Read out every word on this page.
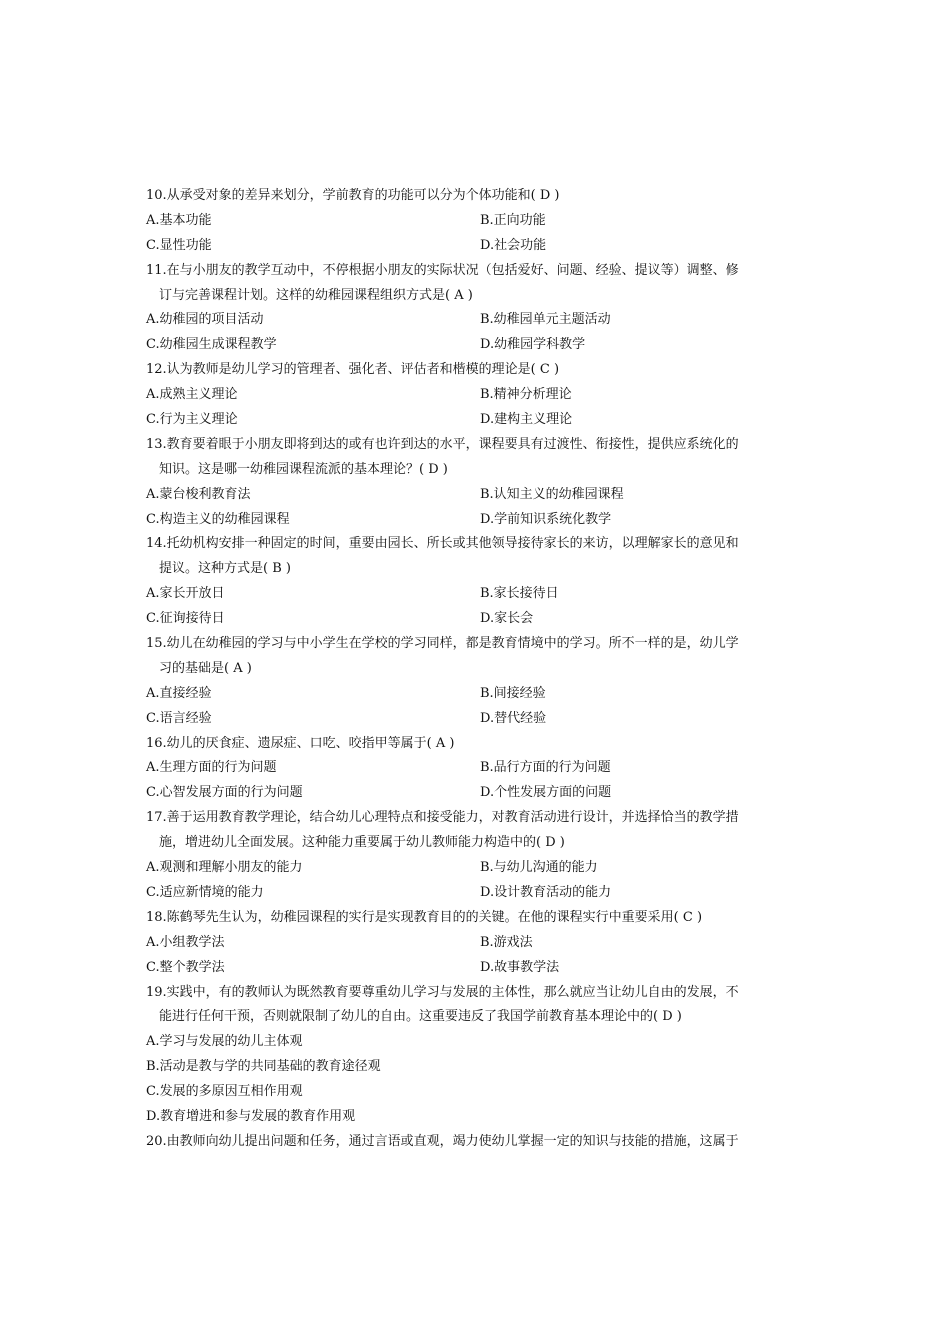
10.从承受对象的差异来划分，学前教育的功能可以分为个体功能和( D )
A.基本功能	B.正向功能
C.显性功能	D.社会功能
11.在与小朋友的教学互动中，不停根据小朋友的实际状况（包括爱好、问题、经验、提议等）调整、修
订与完善课程计划。这样的幼稚园课程组织方式是( A )
A.幼稚园的项目活动	B.幼稚园单元主题活动
C.幼稚园生成课程教学	D.幼稚园学科教学
12.认为教师是幼儿学习的管理者、强化者、评估者和楷模的理论是( C )
A.成熟主义理论	B.精神分析理论
C.行为主义理论	D.建构主义理论
13.教育要着眼于小朋友即将到达的或有也许到达的水平，课程要具有过渡性、衔接性，提供应系统化的
知识。这是哪一幼稚园课程流派的基本理论？( D )
A.蒙台梭利教育法	B.认知主义的幼稚园课程
C.构造主义的幼稚园课程	D.学前知识系统化教学
14.托幼机构安排一种固定的时间，重要由园长、所长或其他领导接待家长的来访，以理解家长的意见和
提议。这种方式是( B )
A.家长开放日	B.家长接待日
C.征询接待日	D.家长会
15.幼儿在幼稚园的学习与中小学生在学校的学习同样，都是教育情境中的学习。所不一样的是，幼儿学
习的基础是( A )
A.直接经验	B.间接经验
C.语言经验	D.替代经验
16.幼儿的厌食症、遗尿症、口吃、咬指甲等属于( A )
A.生理方面的行为问题	B.品行方面的行为问题
C.心智发展方面的行为问题	D.个性发展方面的问题
17.善于运用教育教学理论，结合幼儿心理特点和接受能力，对教育活动进行设计，并选择恰当的教学措
施，增进幼儿全面发展。这种能力重要属于幼儿教师能力构造中的( D )
A.观测和理解小朋友的能力	B.与幼儿沟通的能力
C.适应新情境的能力	D.设计教育活动的能力
18.陈鹤琴先生认为，幼稚园课程的实行是实现教育目的的关键。在他的课程实行中重要采用( C )
A.小组教学法	B.游戏法
C.整个教学法	D.故事教学法
19.实践中，有的教师认为既然教育要尊重幼儿学习与发展的主体性，那么就应当让幼儿自由的发展，不
能进行任何干预，否则就限制了幼儿的自由。这重要违反了我国学前教育基本理论中的( D )
A.学习与发展的幼儿主体观
B.活动是教与学的共同基础的教育途径观
C.发展的多原因互相作用观
D.教育增进和参与发展的教育作用观
20.由教师向幼儿提出问题和任务，通过言语或直观，竭力使幼儿掌握一定的知识与技能的措施，这属于
